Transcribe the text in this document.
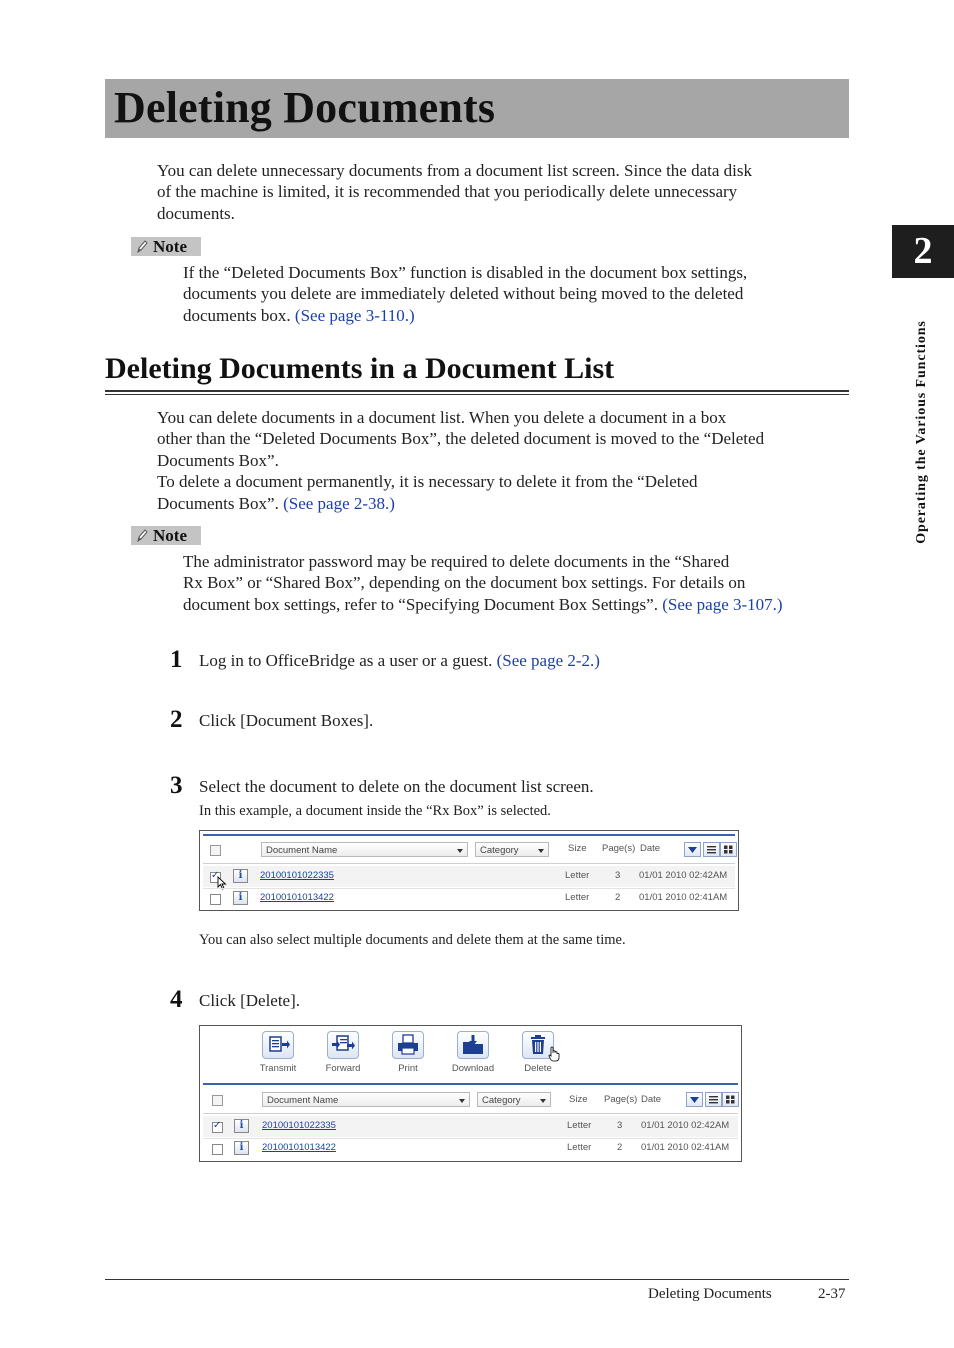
Deleting Documents
You can delete unnecessary documents from a document list screen. Since the data disk
of the machine is limited, it is recommended that you periodically delete unnecessary
documents.
Note
If the “Deleted Documents Box” function is disabled in the document box settings,
documents you delete are immediately deleted without being moved to the deleted
documents box. (See page 3-110.)
Deleting Documents in a Document List
You can delete documents in a document list. When you delete a document in a box
other than the “Deleted Documents Box”, the deleted document is moved to the “Deleted
Documents Box”.
To delete a document permanently, it is necessary to delete it from the “Deleted
Documents Box”. (See page 2-38.)
Note
The administrator password may be required to delete documents in the “Shared
Rx Box” or “Shared Box”, depending on the document box settings. For details on
document box settings, refer to “Specifying Document Box Settings”. (See page 3-107.)
1 Log in to OfficeBridge as a user or a guest. (See page 2-2.)
2 Click [Document Boxes].
3 Select the document to delete on the document list screen.
In this example, a document inside the “Rx Box” is selected.
Document Name	Category	Size Page(s) Date
✓
i	20100101022335	Letter	3 01/01 2010 02:42AM
i	20100101013422	Letter	2 01/01 2010 02:41AM
You can also select multiple documents and delete them at the same time.
4 Click [Delete].
Transmit	Forward	Print	Download	Delete
Document Name	Category	Size Page(s) Date
✓
i	20100101022335	Letter	3 01/01 2010 02:42AM
i	20100101013422	Letter	2 01/01 2010 02:41AM
2
Operating the Various Functions
Deleting Documents	2-37
